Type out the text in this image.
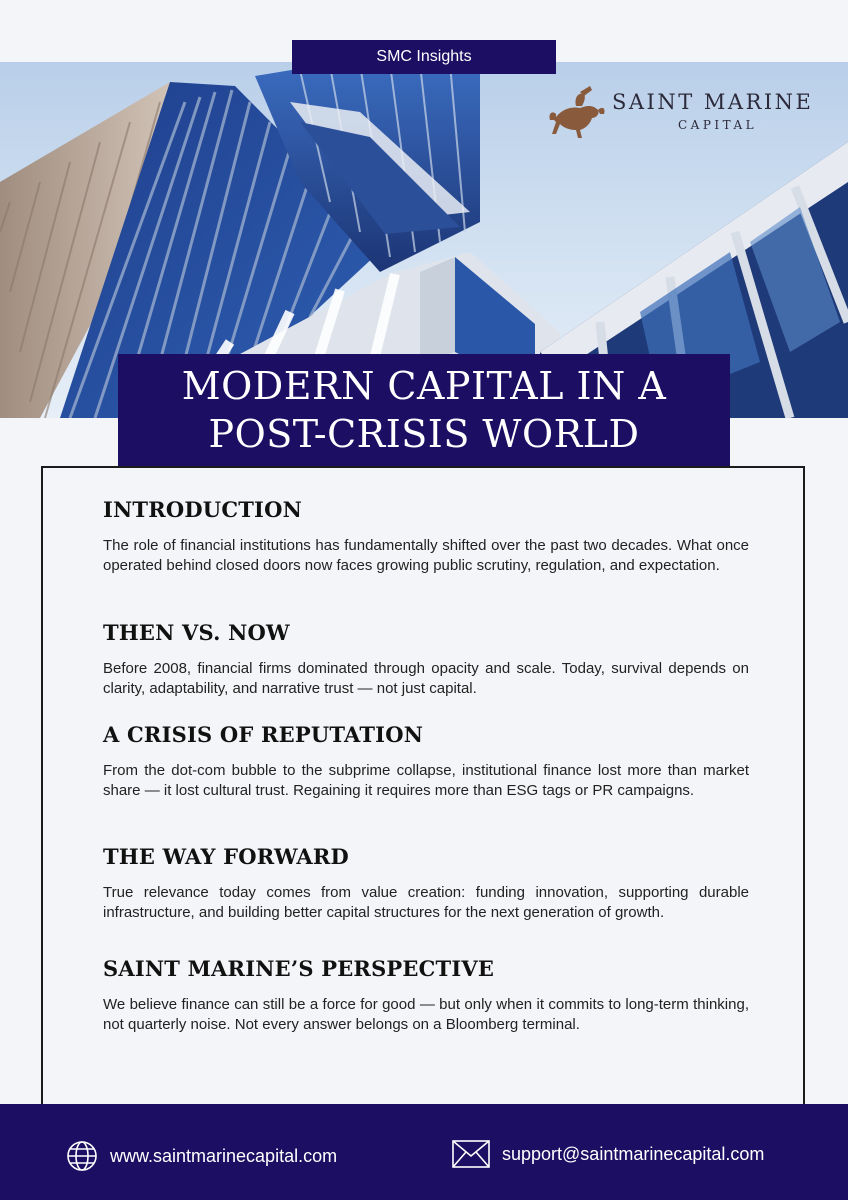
SMC Insights
SAINT MARINE
CAPITAL
MODERN CAPITAL IN A POST-CRISIS WORLD
INTRODUCTION

The role of financial institutions has fundamentally shifted over the past two decades. What once operated behind closed doors now faces growing public scrutiny, regulation, and expectation.

THEN VS. NOW

Before 2008, financial firms dominated through opacity and scale. Today, survival depends on clarity, adaptability, and narrative trust — not just capital.

A CRISIS OF REPUTATION

From the dot-com bubble to the subprime collapse, institutional finance lost more than market share — it lost cultural trust. Regaining it requires more than ESG tags or PR campaigns.

THE WAY FORWARD

True relevance today comes from value creation: funding innovation, supporting durable infrastructure, and building better capital structures for the next generation of growth.

SAINT MARINE’S PERSPECTIVE

We believe finance can still be a force for good — but only when it commits to long-term thinking, not quarterly noise. Not every answer belongs on a Bloomberg terminal.

www.saintmarinecapital.com	support@saintmarinecapital.com
